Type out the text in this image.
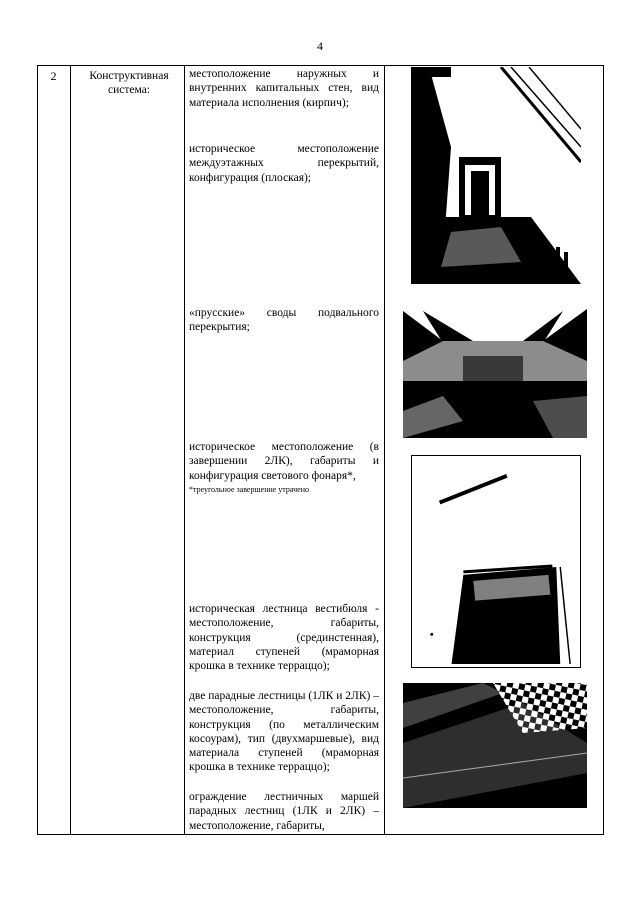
4
2	Конструктивная система:
местоположение наружных и внутренних капитальных стен, вид материала исполнения (кирпич);
историческое местоположение междуэтажных перекрытий, конфигурация (плоская);
«прусские» своды подвального перекрытия;
историческое местоположение (в завершении 2ЛК), габариты и конфигурация светового фонаря*,
*треугольное завершение утрачено
историческая лестница вестибюля - местоположение, габариты, конструкция (срединстенная), материал ступеней (мраморная крошка в технике терраццо);
две парадные лестницы (1ЛК и 2ЛК) – местоположение, габариты, конструкция (по металлическим косоурам), тип (двухмаршевые), вид материала ступеней (мраморная крошка в технике терраццо);
ограждение лестничных маршей парадных лестниц (1ЛК и 2ЛК) – местоположение, габариты,
